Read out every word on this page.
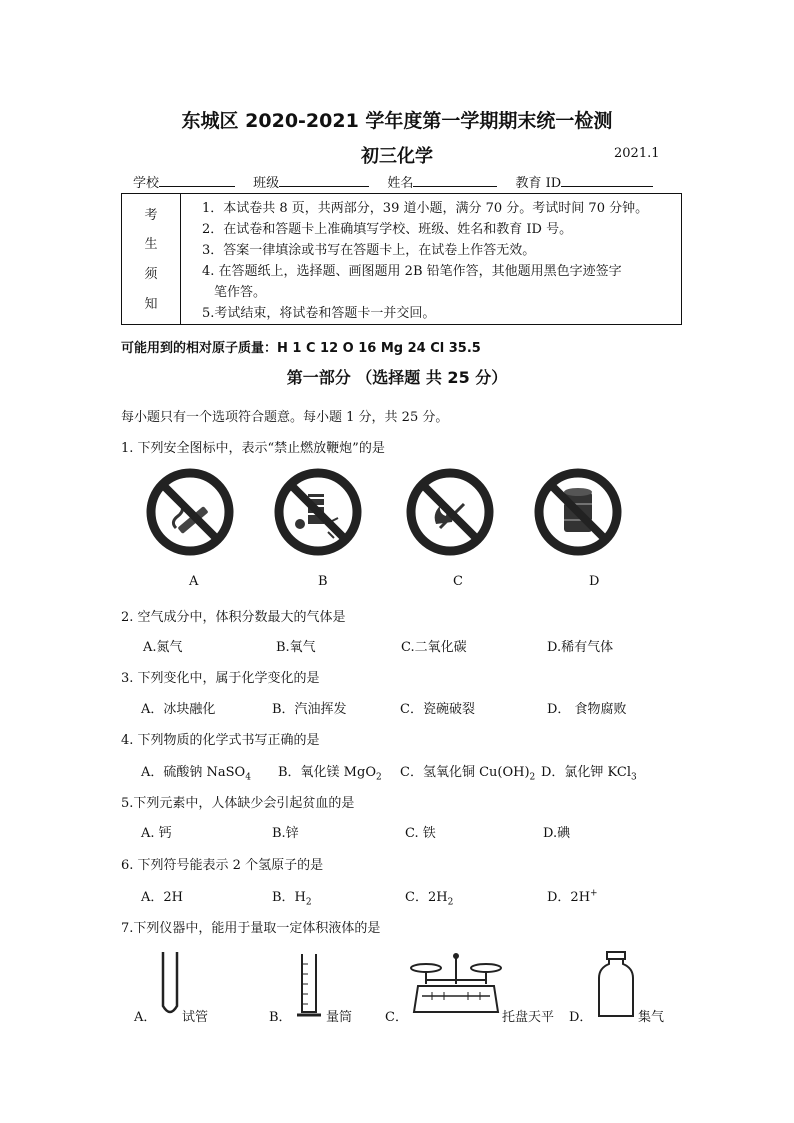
东城区 2020-2021 学年度第一学期期末统一检测
初三化学	2021.1
学校	班级	姓名	教育 ID
考
生
须
知
1．本试卷共 8 页，共两部分，39 道小题，满分 70 分。考试时间 70 分钟。
2．在试卷和答题卡上准确填写学校、班级、姓名和教育 ID 号。
3．答案一律填涂或书写在答题卡上，在试卷上作答无效。
4. 在答题纸上，选择题、画图题用 2B 铅笔作答，其他题用黑色字迹签字
笔作答。
5.考试结束，将试卷和答题卡一并交回。
可能用到的相对原子质量：H 1 C 12 O 16 Mg 24 Cl 35.5
第一部分 （选择题 共 25 分）
每小题只有一个选项符合题意。每小题 1 分，共 25 分。
1. 下列安全图标中，表示“禁止燃放鞭炮”的是
A	B	C	D
2. 空气成分中，体积分数最大的气体是
A.氮气	B.氧气	C.二氧化碳	D.稀有气体
3. 下列变化中，属于化学变化的是
A．冰块融化	B．汽油挥发	C．瓷碗破裂	D． 食物腐败
4. 下列物质的化学式书写正确的是
A．硫酸钠 NaSO$_4$ B．氧化镁 MgO$_2$ C．氢氧化铜 $Cu(OH)_2$ D．氯化钾 KCl$_3$
5.下列元素中，人体缺少会引起贫血的是
A. 钙	B.锌	C. 铁	D.碘
6. 下列符号能表示 2 个氢原子的是
A．2H	B．$H_2$	C．$2H_2$	D．2H+
7.下列仪器中，能用于量取一定体积液体的是
A． 试管	B．	量筒	C．	托盘天平 D．	集气
